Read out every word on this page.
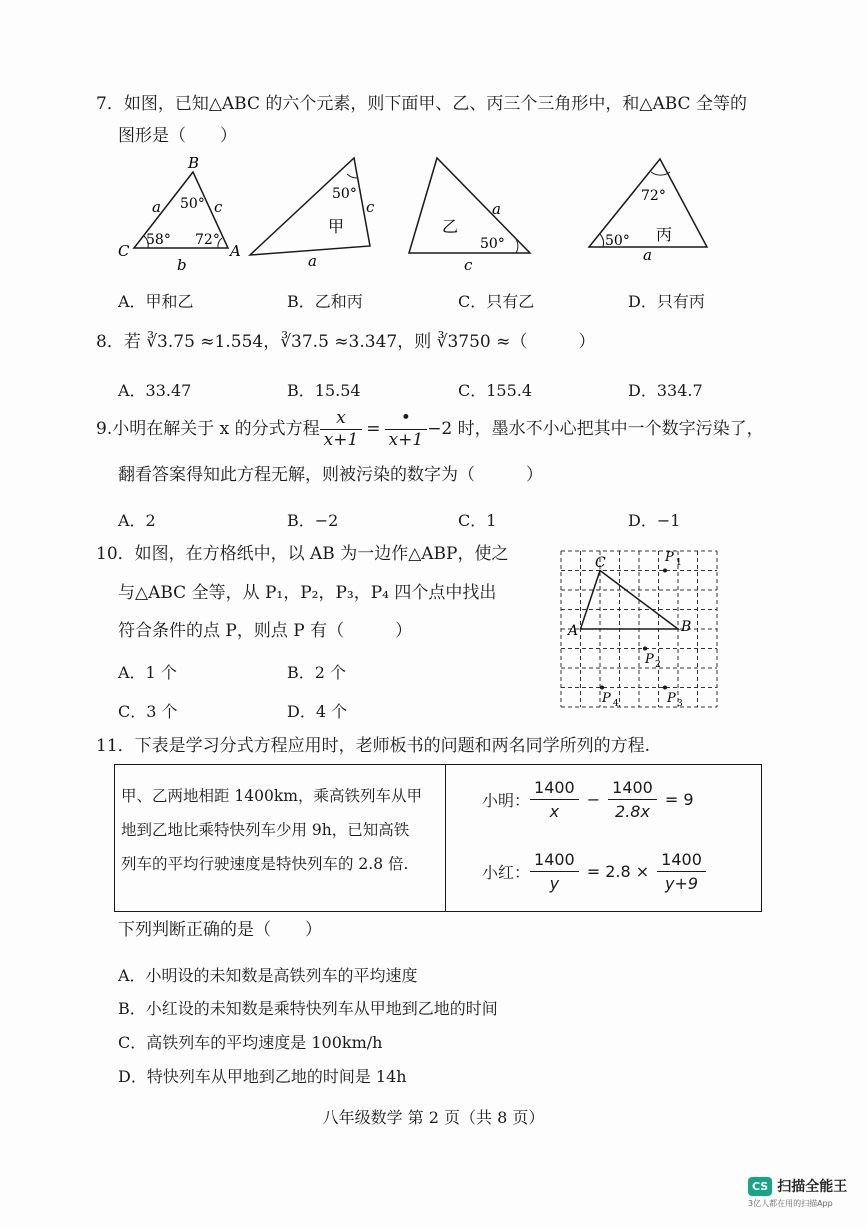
7．如图，已知△ABC 的六个元素，则下面甲、乙、丙三个三角形中，和△ABC 全等的
图形是（　　）
B
C	A
a	c
b
50°
58° 72°
50°
甲
c
a
乙
a
50°
c
72°
丙
50°
a
A．甲和乙	B．乙和丙	C．只有乙	D．只有丙
8．若 ∛3.75 ≈1.554，∛37.5 ≈3.347，则 ∛3750 ≈（　　　）
A．33.47	B．15.54	C．155.4	D．334.7
9.小明在解关于 x 的分式方程 $\frac{x}{x+1} = \frac{•}{x+1} -2$ 时，墨水不小心把其中一个数字污染了，
翻看答案得知此方程无解，则被污染的数字为（　　　）
A．2	B．−2	C．1	D．−1
10．如图，在方格纸中，以 AB 为一边作△ABP，使之
与△ABC 全等，从 P₁，P₂，P₃，P₄ 四个点中找出
符合条件的点 P，则点 P 有（　　　）
A．1 个	B．2 个
C．3 个	D．4 个
C
A	B
P 1
P 2
P 3
P 4
11．下表是学习分式方程应用时，老师板书的问题和两名同学所列的方程.
甲、乙两地相距 1400km，乘高铁列车从甲
地到乙地比乘特快列车少用 9h，已知高铁
列车的平均行驶速度是特快列车的 2.8 倍.

小明： $\frac{1400}{x} - \frac{1400}{2.8x} = 9$
小红： $\frac{1400}{y} = 2.8 \times \frac{1400}{y+9}$
下列判断正确的是（　　）
A．小明设的未知数是高铁列车的平均速度
B．小红设的未知数是乘特快列车从甲地到乙地的时间
C．高铁列车的平均速度是 100km/h
D．特快列车从甲地到乙地的时间是 14h
八年级数学 第 2 页（共 8 页）
CS 扫描全能王
3亿人都在用的扫描App
